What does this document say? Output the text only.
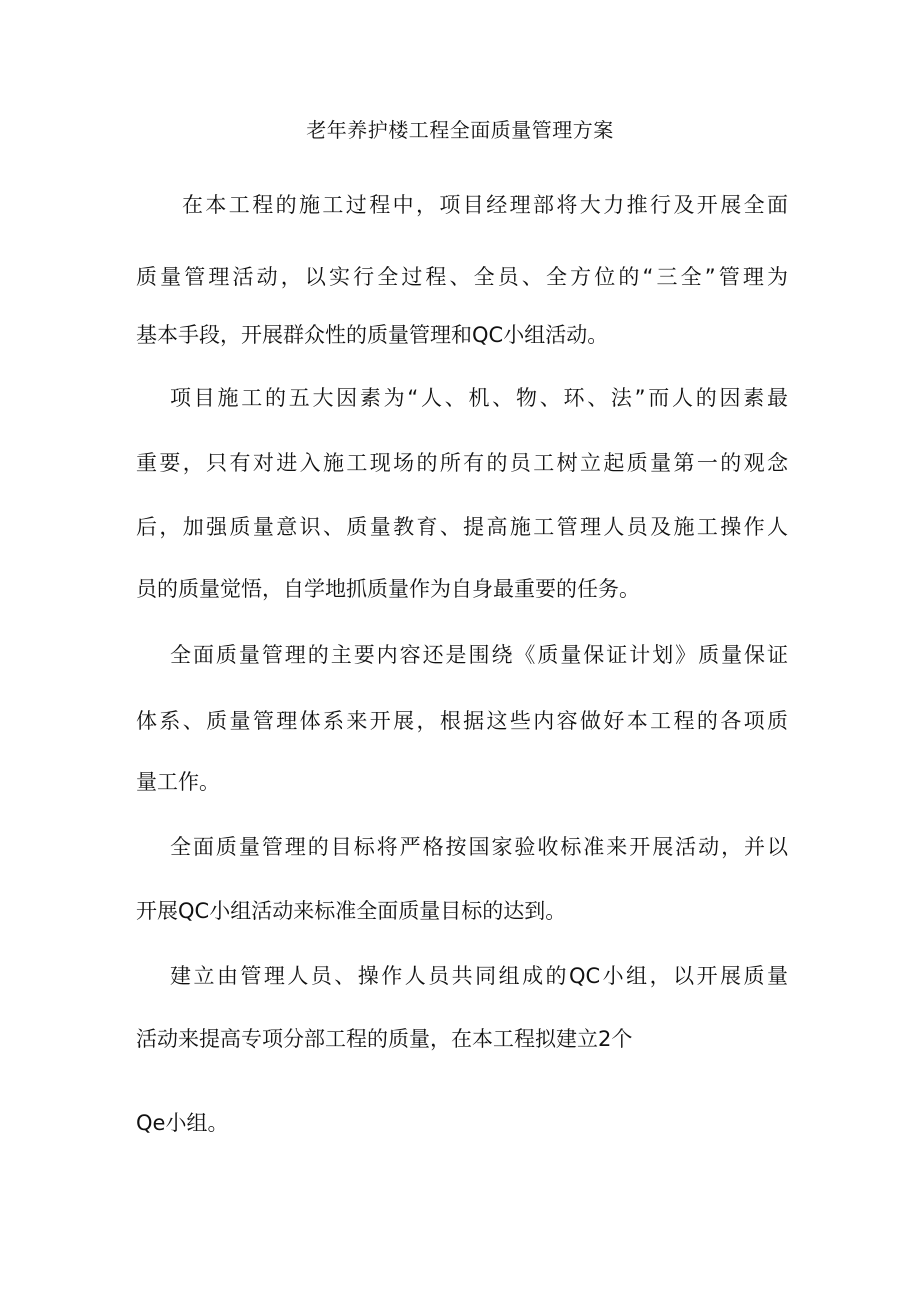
老年养护楼工程全面质量管理方案
在本工程的施工过程中，项目经理部将大力推行及开展全面
质量管理活动，以实行全过程、全员、全方位的“三全”管理为
基本手段，开展群众性的质量管理和QC小组活动。
项目施工的五大因素为“人、机、物、环、法”而人的因素最
重要，只有对进入施工现场的所有的员工树立起质量第一的观念
后，加强质量意识、质量教育、提高施工管理人员及施工操作人
员的质量觉悟，自学地抓质量作为自身最重要的任务。
全面质量管理的主要内容还是围绕《质量保证计划》质量保证
体系、质量管理体系来开展，根据这些内容做好本工程的各项质
量工作。
全面质量管理的目标将严格按国家验收标准来开展活动，并以
开展QC小组活动来标准全面质量目标的达到。
建立由管理人员、操作人员共同组成的QC小组，以开展质量
活动来提高专项分部工程的质量，在本工程拟建立2个
Qe小组。
